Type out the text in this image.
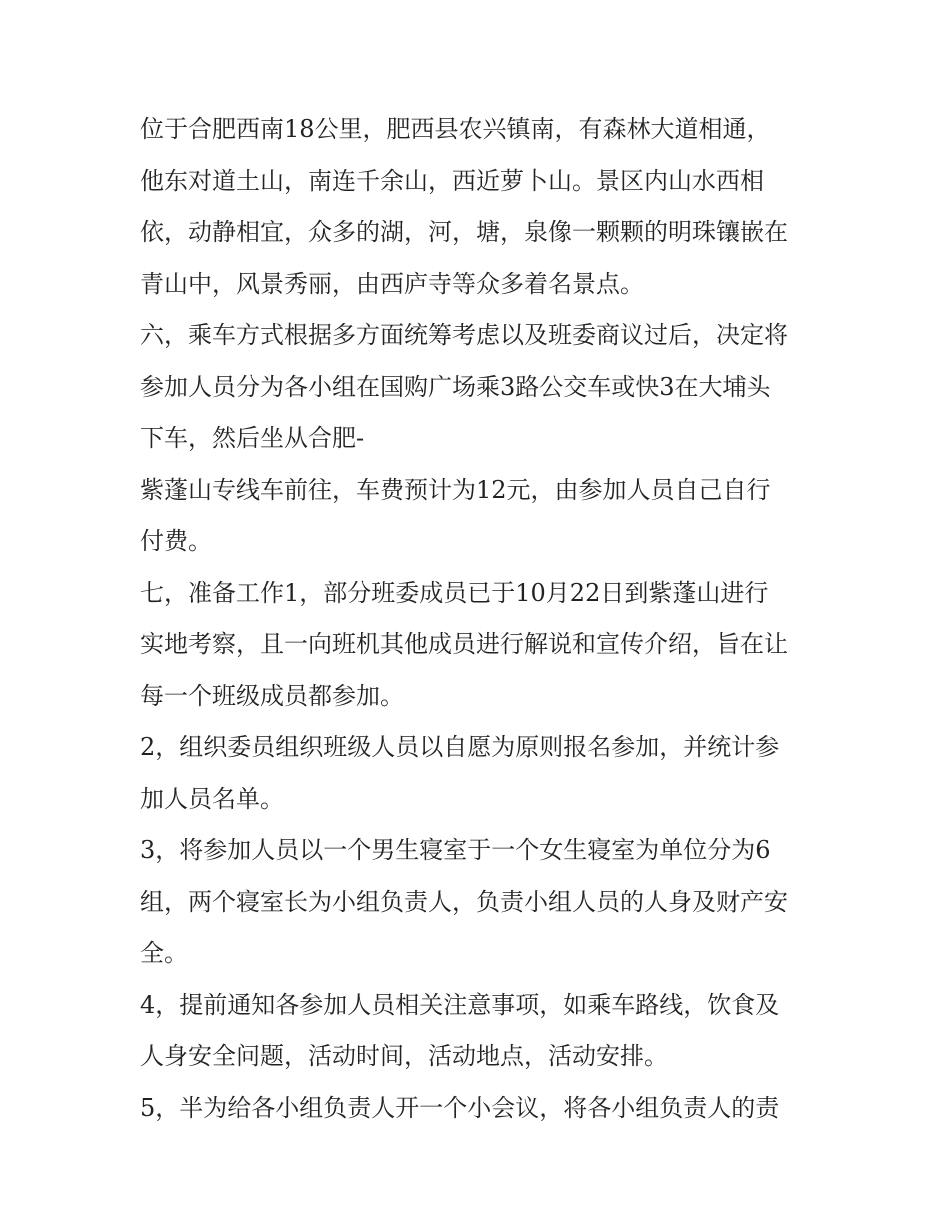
位于合肥西南18公里，肥西县农兴镇南，有森林大道相通，
他东对道土山，南连千余山，西近萝卜山。景区内山水西相
依，动静相宜，众多的湖，河，塘，泉像一颗颗的明珠镶嵌在
青山中，风景秀丽，由西庐寺等众多着名景点。
六，乘车方式根据多方面统筹考虑以及班委商议过后，决定将
参加人员分为各小组在国购广场乘3路公交车或快3在大埔头
下车，然后坐从合肥-
紫蓬山专线车前往，车费预计为12元，由参加人员自己自行
付费。
七，准备工作1，部分班委成员已于10月22日到紫蓬山进行
实地考察，且一向班机其他成员进行解说和宣传介绍，旨在让
每一个班级成员都参加。
2，组织委员组织班级人员以自愿为原则报名参加，并统计参
加人员名单。
3，将参加人员以一个男生寝室于一个女生寝室为单位分为6
组，两个寝室长为小组负责人，负责小组人员的人身及财产安
全。
4，提前通知各参加人员相关注意事项，如乘车路线，饮食及
人身安全问题，活动时间，活动地点，活动安排。
5，半为给各小组负责人开一个小会议，将各小组负责人的责
